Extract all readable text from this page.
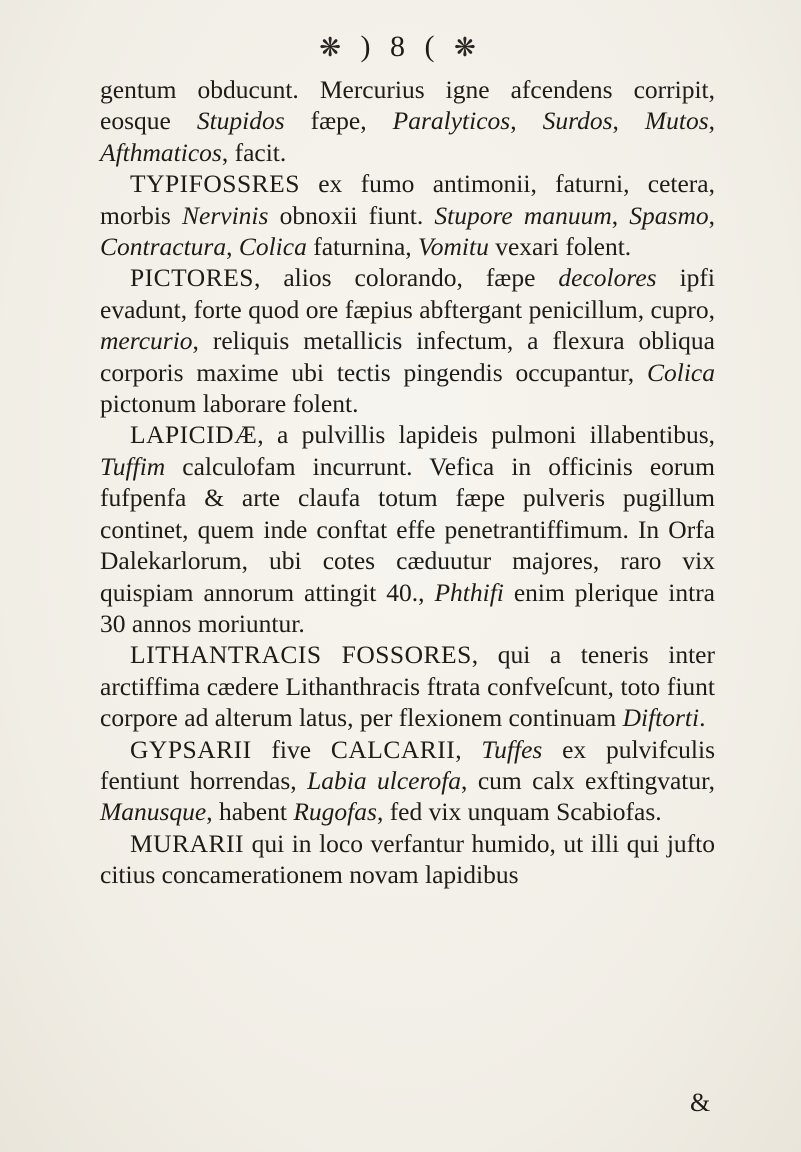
❋ ) 8 ( ❋

gentum obducunt. Mercurius igne afcendens corripit, eosque Stupidos fæpe, Paralyticos, Surdos, Mutos, Afthmaticos, facit.

TYPIFOSSRES ex fumo antimonii, faturni, cetera, morbis Nervinis obnoxii fiunt. Stupore manuum, Spasmo, Contractura, Colica faturnina, Vomitu vexari folent.

PICTORES, alios colorando, fæpe decolores ipfi evadunt, forte quod ore fæpius abftergant penicillum, cupro, mercurio, reliquis metallicis infectum, a flexura obliqua corporis maxime ubi tectis pingendis occupantur, Colica pictonum laborare folent.

LAPICIDÆ, a pulvillis lapideis pulmoni illabentibus, Tuffim calculofam incurrunt. Vefica in officinis eorum fufpenfa & arte claufa totum fæpe pulveris pugillum continet, quem inde conftat effe penetrantiffimum. In Orfa Dalekarlorum, ubi cotes cæduutur majores, raro vix quispiam annorum attingit 40., Phthifi enim plerique intra 30 annos moriuntur.

LITHANTRACIS FOSSORES, qui a teneris inter arctiffima cædere Lithanthracis ftrata confveſcunt, toto fiunt corpore ad alterum latus, per flexionem continuam Diftorti.

GYPSARII five CALCARII, Tuffes ex pulvifculis fentiunt horrendas, Labia ulcerofa, cum calx exftingvatur, Manusque, habent Rugofas, fed vix unquam Scabiofas.

MURARII qui in loco verfantur humido, ut illi qui jufto citius concamerationem novam lapidibus

&
